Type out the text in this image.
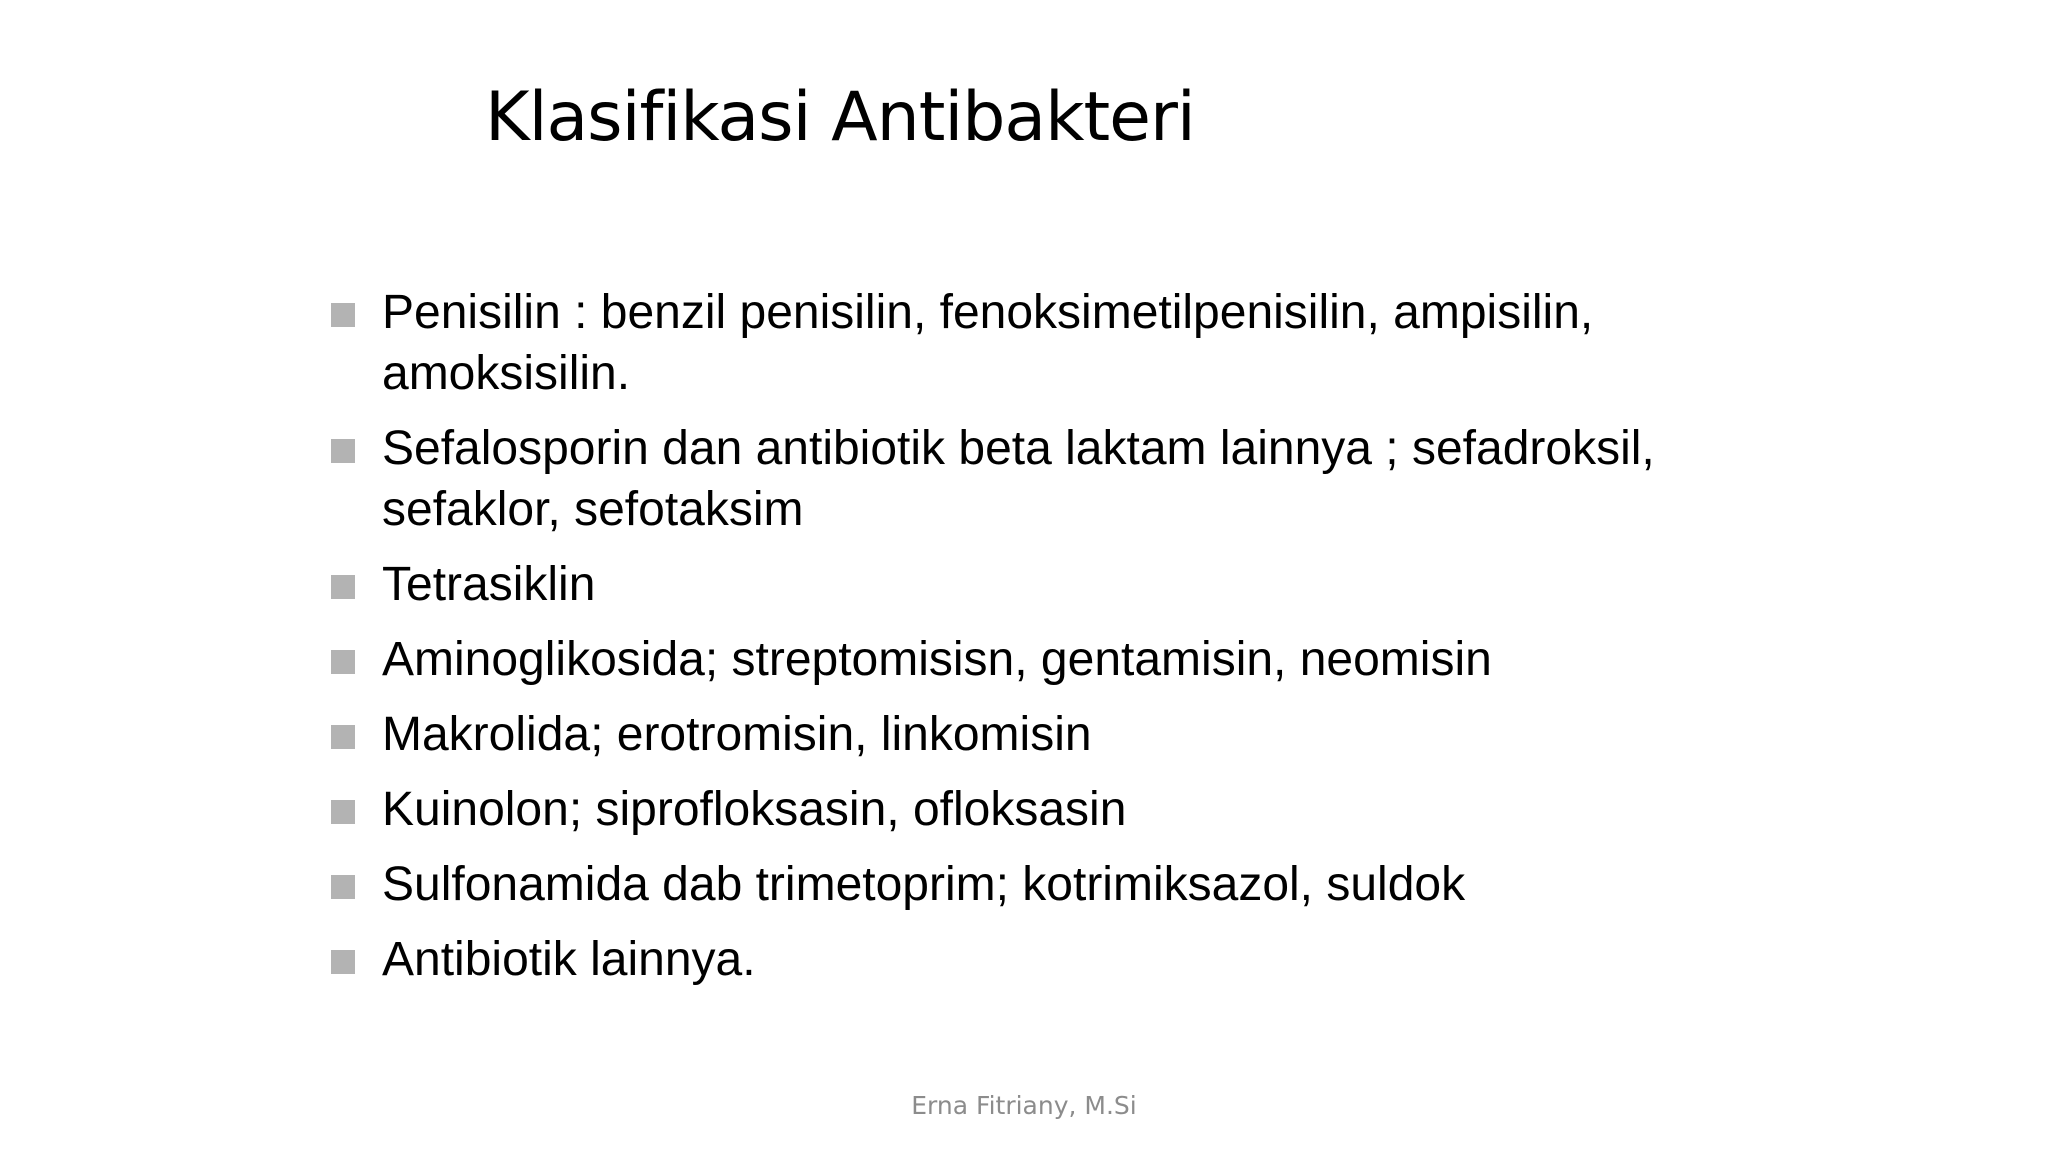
Klasifikasi Antibakteri
Penisilin : benzil penisilin, fenoksimetilpenisilin, ampisilin, amoksisilin.
Sefalosporin dan antibiotik beta laktam lainnya ; sefadroksil, sefaklor, sefotaksim
Tetrasiklin
Aminoglikosida; streptomisisn, gentamisin, neomisin
Makrolida; erotromisin, linkomisin
Kuinolon; siprofloksasin, ofloksasin
Sulfonamida dab trimetoprim; kotrimiksazol, suldok
Antibiotik lainnya.
Erna Fitriany, M.Si
